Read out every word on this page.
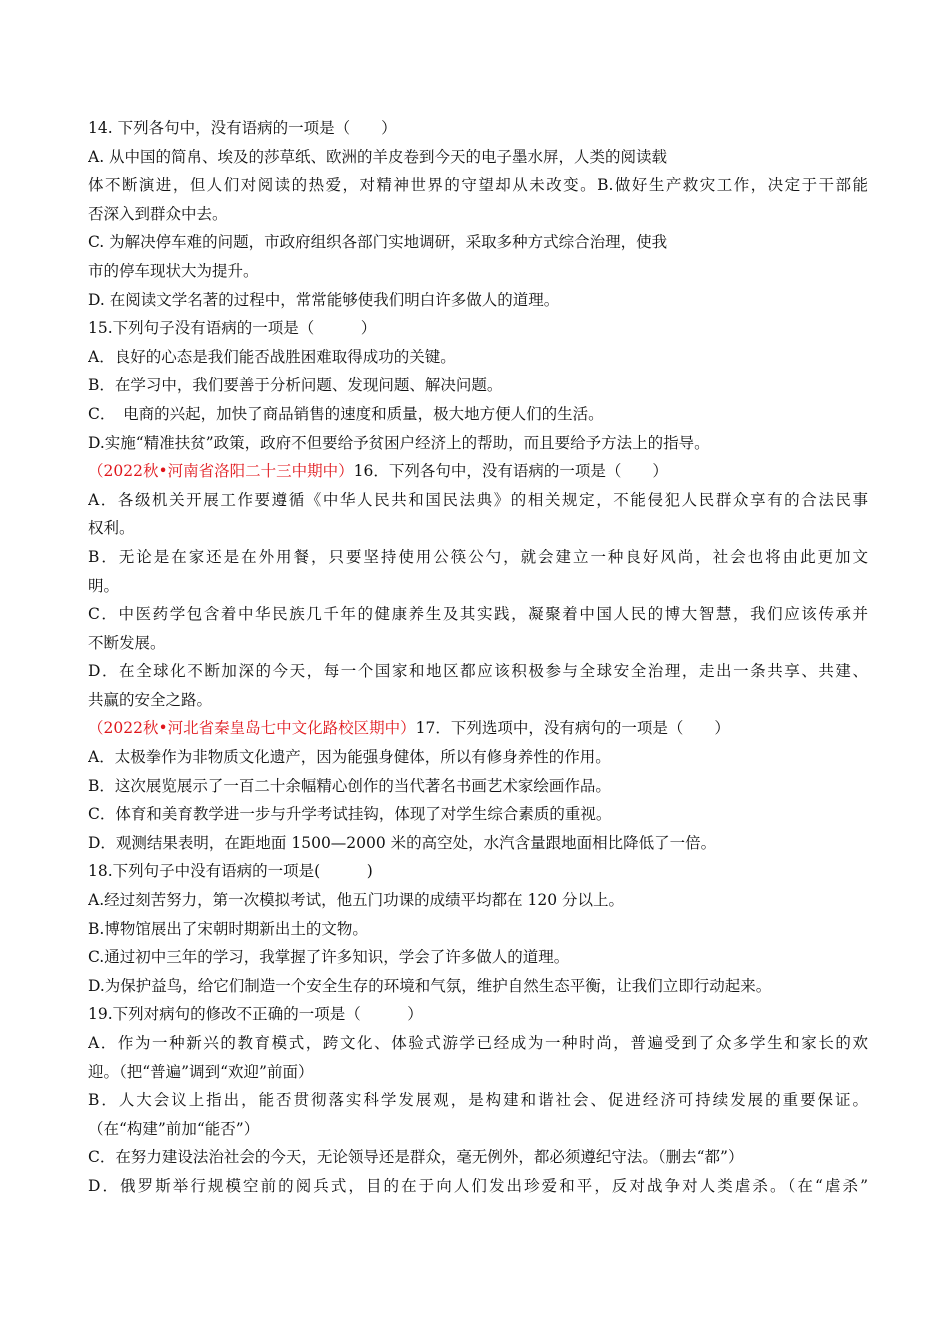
14. 下列各句中，没有语病的一项是（　　）
A. 从中国的简帛、埃及的莎草纸、欧洲的羊皮卷到今天的电子墨水屏，人类的阅读载
体不断演进，但人们对阅读的热爱，对精神世界的守望却从未改变。B.做好生产救灾工作，决定于干部能
否深入到群众中去。
C. 为解决停车难的问题，市政府组织各部门实地调研，采取多种方式综合治理，使我
市的停车现状大为提升。
D. 在阅读文学名著的过程中，常常能够使我们明白许多做人的道理。
15.下列句子没有语病的一项是（　　　）
A．良好的心态是我们能否战胜困难取得成功的关键。
B．在学习中，我们要善于分析问题、发现问题、解决问题。
C．　电商的兴起，加快了商品销售的速度和质量，极大地方便人们的生活。
D.实施“精准扶贫”政策，政府不但要给予贫困户经济上的帮助，而且要给予方法上的指导。
（2022秋•河南省洛阳二十三中期中）16．下列各句中，没有语病的一项是（　　）
A．各级机关开展工作要遵循《中华人民共和国民法典》的相关规定，不能侵犯人民群众享有的合法民事
权利。
B．无论是在家还是在外用餐，只要坚持使用公筷公勺，就会建立一种良好风尚，社会也将由此更加文
明。
C．中医药学包含着中华民族几千年的健康养生及其实践，凝聚着中国人民的博大智慧，我们应该传承并
不断发展。
D．在全球化不断加深的今天，每一个国家和地区都应该积极参与全球安全治理，走出一条共享、共建、
共赢的安全之路。
（2022秋•河北省秦皇岛七中文化路校区期中）17．下列选项中，没有病句的一项是（　　）
A．太极拳作为非物质文化遗产，因为能强身健体，所以有修身养性的作用。
B．这次展览展示了一百二十余幅精心创作的当代著名书画艺术家绘画作品。
C．体育和美育教学进一步与升学考试挂钩，体现了对学生综合素质的重视。
D．观测结果表明，在距地面 1500—2000 米的高空处，水汽含量跟地面相比降低了一倍。
18.下列句子中没有语病的一项是(　　　)
A.经过刻苦努力，第一次模拟考试，他五门功课的成绩平均都在 120 分以上。
B.博物馆展出了宋朝时期新出土的文物。
C.通过初中三年的学习，我掌握了许多知识，学会了许多做人的道理。
D.为保护益鸟，给它们制造一个安全生存的环境和气氛，维护自然生态平衡，让我们立即行动起来。
19.下列对病句的修改不正确的一项是（　　　）
A．作为一种新兴的教育模式，跨文化、体验式游学已经成为一种时尚，普遍受到了众多学生和家长的欢
迎。（把“普遍”调到“欢迎”前面）
B．人大会议上指出，能否贯彻落实科学发展观，是构建和谐社会、促进经济可持续发展的重要保证。
（在“构建”前加“能否”）
C．在努力建设法治社会的今天，无论领导还是群众，毫无例外，都必须遵纪守法。（删去“都”）
D．俄罗斯举行规模空前的阅兵式，目的在于向人们发出珍爱和平，反对战争对人类虐杀。（在“虐杀”
